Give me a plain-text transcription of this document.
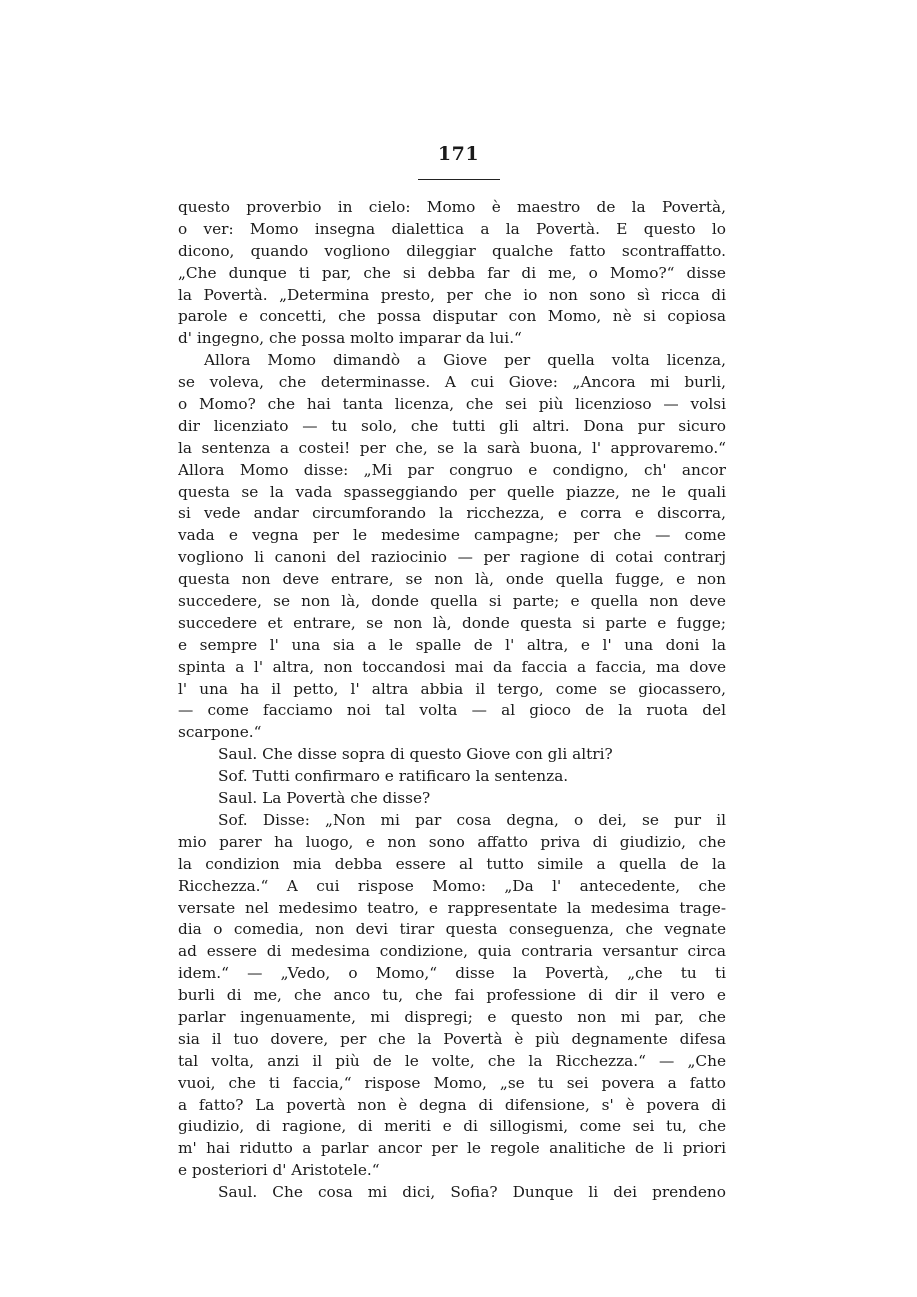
171
questo proverbio in cielo: Momo è maestro de la Povertà,
o ver: Momo insegna dialettica a la Povertà. E questo lo
dicono, quando vogliono dileggiar qualche fatto scontraffatto.
„Che dunque ti par, che si debba far di me, o Momo?“ disse
la Povertà. „Determina presto, per che io non sono sì ricca di
parole e concetti, che possa disputar con Momo, nè si copiosa
d' ingegno, che possa molto imparar da lui.“
Allora Momo dimandò a Giove per quella volta licenza,
se voleva, che determinasse. A cui Giove: „Ancora mi burli,
o Momo? che hai tanta licenza, che sei più licenzioso — volsi
dir licenziato — tu solo, che tutti gli altri. Dona pur sicuro
la sentenza a costei! per che, se la sarà buona, l' approvaremo.“
Allora Momo disse: „Mi par congruo e condigno, ch' ancor
questa se la vada spasseggiando per quelle piazze, ne le quali
si vede andar circumforando la ricchezza, e corra e discorra,
vada e vegna per le medesime campagne; per che — come
vogliono li canoni del raziocinio — per ragione di cotai contrarj
questa non deve entrare, se non là, onde quella fugge, e non
succedere, se non là, donde quella si parte; e quella non deve
succedere et entrare, se non là, donde questa si parte e fugge;
e sempre l' una sia a le spalle de l' altra, e l' una doni la
spinta a l' altra, non toccandosi mai da faccia a faccia, ma dove
l' una ha il petto, l' altra abbia il tergo, come se giocassero,
— come facciamo noi tal volta — al gioco de la ruota del
scarpone.“
Saul. Che disse sopra di questo Giove con gli altri?
Sof. Tutti confirmaro e ratificaro la sentenza.
Saul. La Povertà che disse?
Sof. Disse: „Non mi par cosa degna, o dei, se pur il
mio parer ha luogo, e non sono affatto priva di giudizio, che
la condizion mia debba essere al tutto simile a quella de la
Ricchezza.“ A cui rispose Momo: „Da l' antecedente, che
versate nel medesimo teatro, e rappresentate la medesima trage-
dia o comedia, non devi tirar questa conseguenza, che vegnate
ad essere di medesima condizione, quia contraria versantur circa
idem.“ — „Vedo, o Momo,“ disse la Povertà, „che tu ti
burli di me, che anco tu, che fai professione di dir il vero e
parlar ingenuamente, mi dispregi; e questo non mi par, che
sia il tuo dovere, per che la Povertà è più degnamente difesa
tal volta, anzi il più de le volte, che la Ricchezza.“ — „Che
vuoi, che ti faccia,“ rispose Momo, „se tu sei povera a fatto
a fatto? La povertà non è degna di difensione, s' è povera di
giudizio, di ragione, di meriti e di sillogismi, come sei tu, che
m' hai ridutto a parlar ancor per le regole analitiche de li priori
e posteriori d' Aristotele.“
Saul. Che cosa mi dici, Sofia? Dunque li dei prendeno
